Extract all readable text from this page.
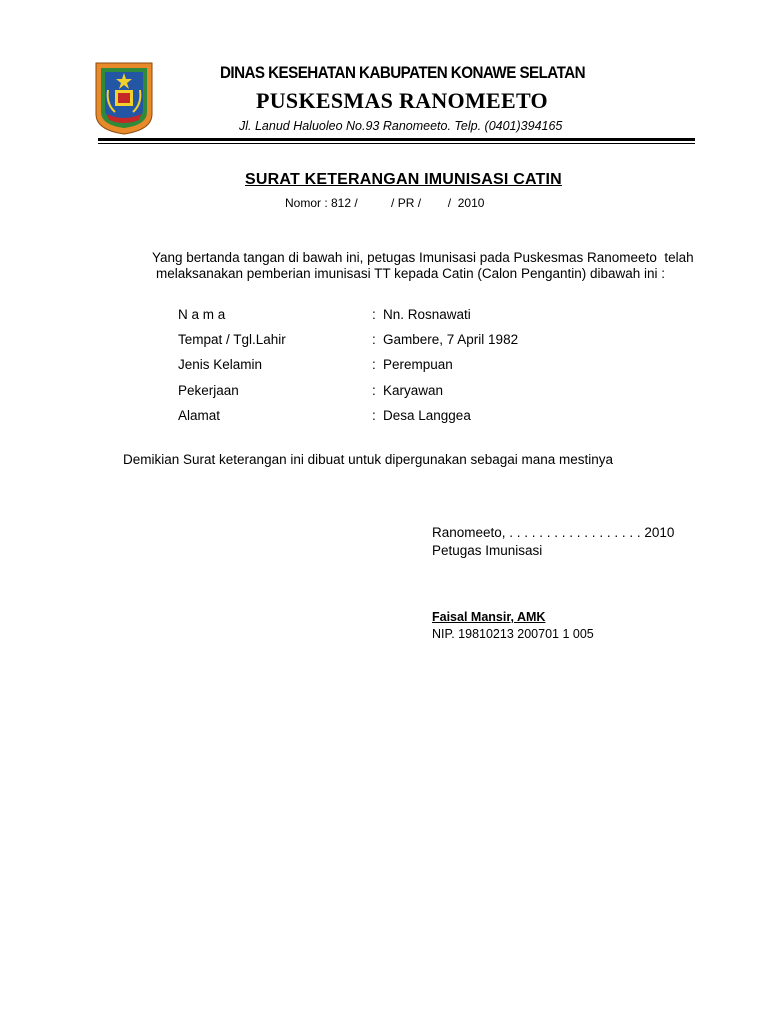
DINAS KESEHATAN KABUPATEN KONAWE SELATAN
PUSKESMAS RANOMEETO
Jl. Lanud Haluoleo No.93 Ranomeeto. Telp. (0401)394165
SURAT KETERANGAN IMUNISASI CATIN
Nomor : 812 /          / PR /        /  2010
Yang bertanda tangan di bawah ini, petugas Imunisasi pada Puskesmas Ranomeeto  telah
melaksanakan pemberian imunisasi TT kepada Catin (Calon Pengantin) dibawah ini :
N a m a	: Nn. Rosnawati
Tempat / Tgl.Lahir	: Gambere, 7 April 1982
Jenis Kelamin	: Perempuan
Pekerjaan	: Karyawan
Alamat	: Desa Langgea
Demikian Surat keterangan ini dibuat untuk dipergunakan sebagai mana mestinya
Ranomeeto, . . . . . . . . . . . . . . . . . . 2010
Petugas Imunisasi
Faisal Mansir, AMK
NIP. 19810213 200701 1 005
